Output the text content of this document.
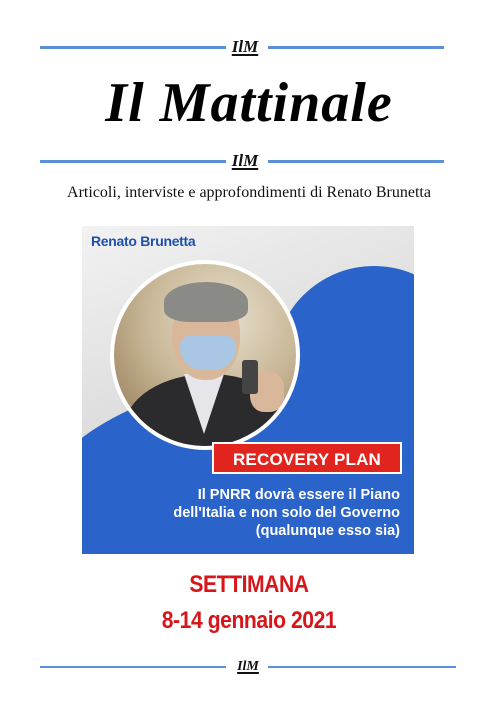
IlM
Il Mattinale
IlM
Articoli, interviste e approfondimenti di Renato Brunetta
Renato Brunetta
RECOVERY PLAN
Il PNRR dovrà essere il Piano
dell'Italia e non solo del Governo
(qualunque esso sia)
SETTIMANA
8-14 gennaio 2021
IlM
